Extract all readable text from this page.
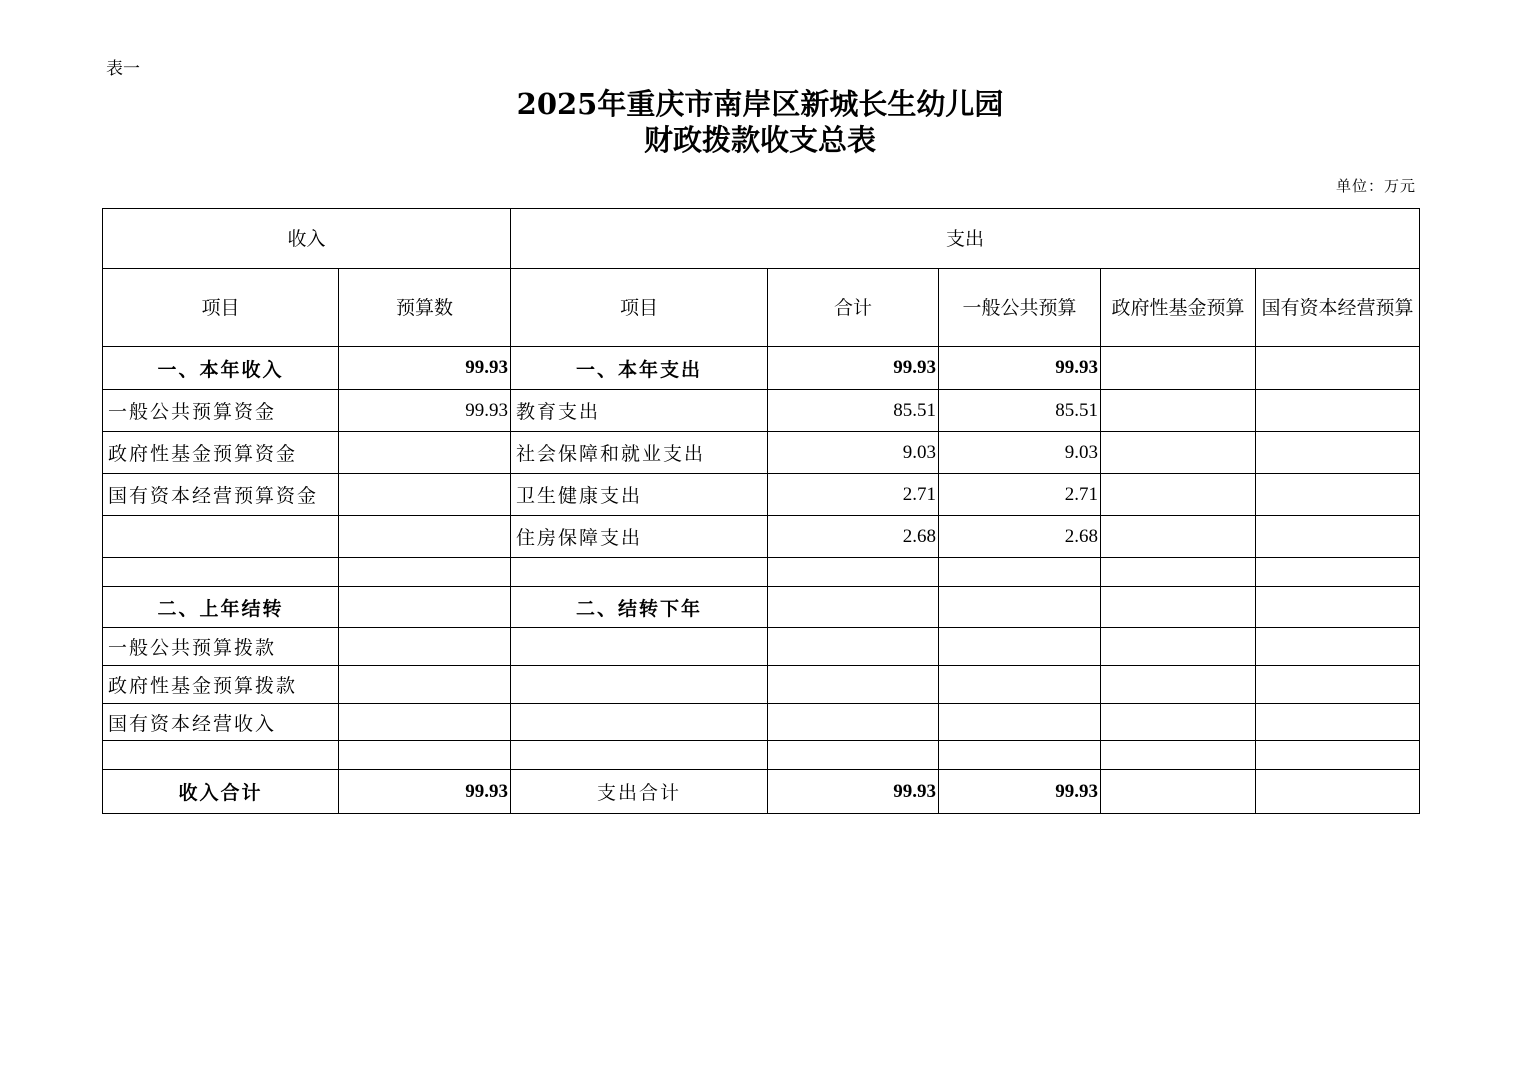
表一
2025年重庆市南岸区新城长生幼儿园
财政拨款收支总表
单位：万元
收入		支出				
项目	预算数	项目	合计	一般公共预算	政府性基金预算	国有资本经营预算
一、本年收入	99.93	一、本年支出	99.93	99.93		
一般公共预算资金	99.93	教育支出	85.51	85.51		
政府性基金预算资金		社会保障和就业支出	9.03	9.03		
国有资本经营预算资金		卫生健康支出	2.71	2.71		
		住房保障支出	2.68	2.68		

二、上年结转		二、结转下年				
一般公共预算拨款						
政府性基金预算拨款						
国有资本经营收入						

收入合计	99.93	支出合计	99.93	99.93		
